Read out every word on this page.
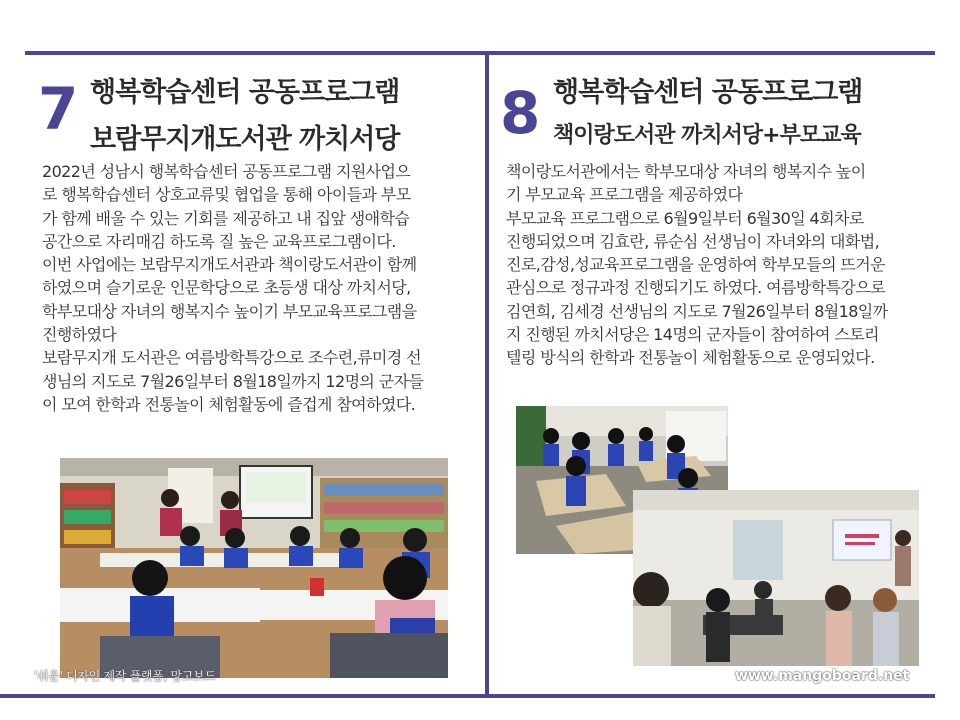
7 행복학습센터 공동프로그램
보람무지개도서관 까치서당
2022년 성남시 행복학습센터 공동프로그램 지원사업으
로 행복학습센터 상호교류및 협업을 통해 아이들과 부모
가 함께 배울 수 있는 기회를 제공하고 내 집앞 생애학습
공간으로 자리매김 하도록 질 높은 교육프로그램이다.
이번 사업에는 보람무지개도서관과 책이랑도서관이 함께
하였으며 슬기로운 인문학당으로 초등생 대상 까치서당,
학부모대상 자녀의 행복지수 높이기 부모교육프로그램을
진행하였다
보람무지개 도서관은 여름방학특강으로 조수련,류미경 선
생님의 지도로 7월26일부터 8월18일까지 12명의 군자들
이 모여 한학과 전통놀이 체험활동에 즐겁게 참여하였다.
8 행복학습센터 공동프로그램
책이랑도서관 까치서당+부모교육
책이랑도서관에서는 학부모대상 자녀의 행복지수 높이
기 부모교육 프로그램을 제공하였다
부모교육 프로그램으로 6월9일부터 6월30일 4회차로
진행되었으며 김효란, 류순심 선생님이 자녀와의 대화법,
진로,감성,성교육프로그램을 운영하여 학부모들의 뜨거운
관심으로 정규과정 진행되기도 하였다. 여름방학특강으로
김연희, 김세경 선생님의 지도로 7월26일부터 8월18일까
지 진행된 까치서당은 14명의 군자들이 참여하여 스토리
텔링 방식의 한학과 전통놀이 체험활동으로 운영되었다.
'쉬운' 디자인 제작 플랫폼, 망고보드	www.mangoboard.net
